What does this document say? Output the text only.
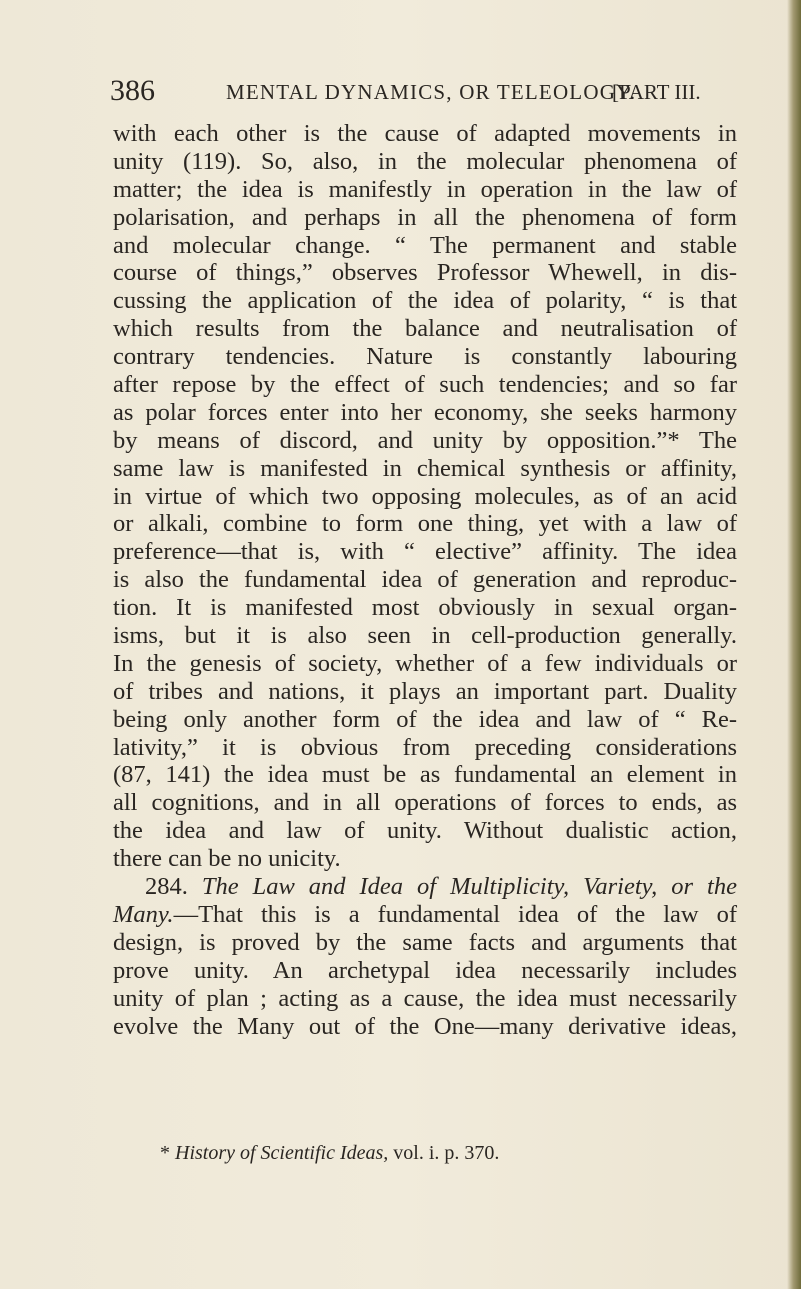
386	MENTAL DYNAMICS, OR TELEOLOGY.
[PART III.
with each other is the cause of adapted movements in
unity (119). So, also, in the molecular phenomena of
matter; the idea is manifestly in operation in the law of
polarisation, and perhaps in all the phenomena of form
and molecular change. “ The permanent and stable
course of things,” observes Professor Whewell, in dis-
cussing the application of the idea of polarity, “ is that
which results from the balance and neutralisation of
contrary tendencies. Nature is constantly labouring
after repose by the effect of such tendencies; and so far
as polar forces enter into her economy, she seeks harmony
by means of discord, and unity by opposition.”* The
same law is manifested in chemical synthesis or affinity,
in virtue of which two opposing molecules, as of an acid
or alkali, combine to form one thing, yet with a law of
preference—that is, with “ elective” affinity. The idea
is also the fundamental idea of generation and reproduc-
tion. It is manifested most obviously in sexual organ-
isms, but it is also seen in cell-production generally.
In the genesis of society, whether of a few individuals or
of tribes and nations, it plays an important part. Duality
being only another form of the idea and law of “ Re-
lativity,” it is obvious from preceding considerations
(87, 141) the idea must be as fundamental an element in
all cognitions, and in all operations of forces to ends, as
the idea and law of unity. Without dualistic action,
there can be no unicity.
284. The Law and Idea of Multiplicity, Variety, or the
Many.—That this is a fundamental idea of the law of
design, is proved by the same facts and arguments that
prove unity. An archetypal idea necessarily includes
unity of plan ; acting as a cause, the idea must necessarily
evolve the Many out of the One—many derivative ideas,
* History of Scientific Ideas, vol. i. p. 370.
